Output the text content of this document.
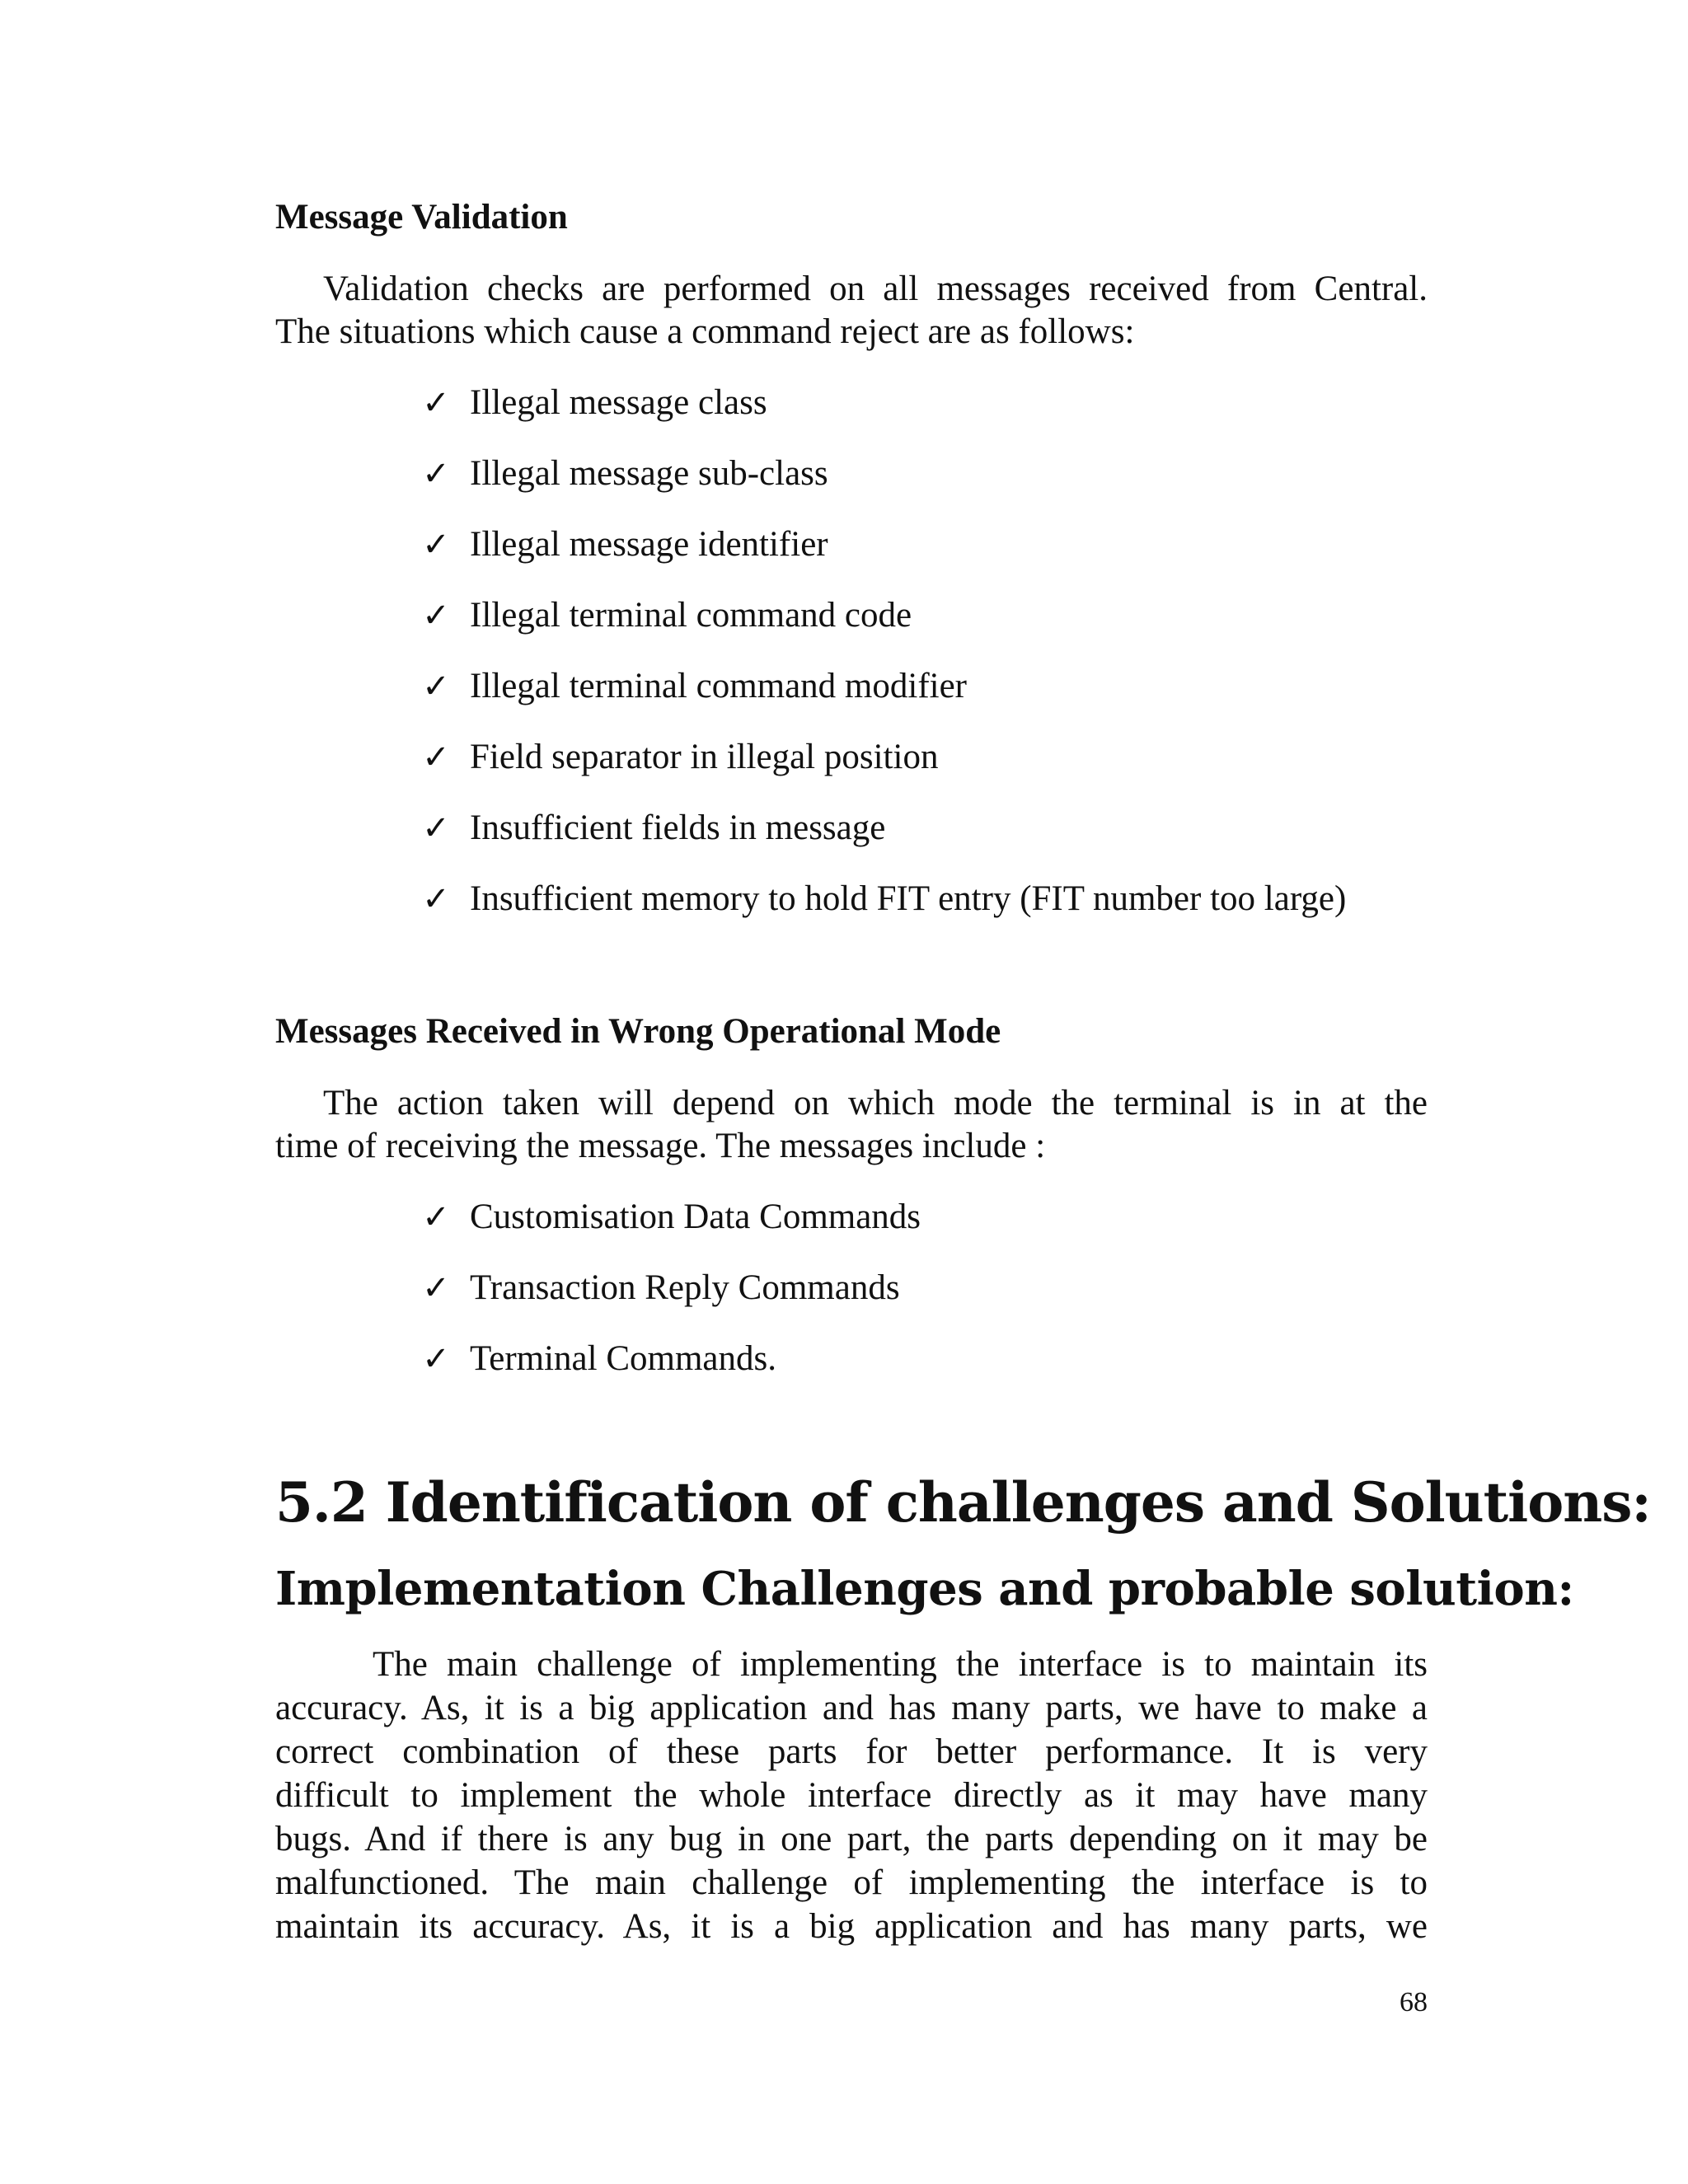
Message Validation
Validation checks are performed on all messages received from Central.
The situations which cause a command reject are as follows:
✓ Illegal message class
✓ Illegal message sub-class
✓ Illegal message identifier
✓ Illegal terminal command code
✓ Illegal terminal command modifier
✓ Field separator in illegal position
✓ Insufficient fields in message
✓ Insufficient memory to hold FIT entry (FIT number too large)
Messages Received in Wrong Operational Mode
The action taken will depend on which mode the terminal is in at the
time of receiving the message. The messages include :
✓ Customisation Data Commands
✓ Transaction Reply Commands
✓ Terminal Commands.
5.2 Identification of challenges and Solutions:
Implementation Challenges and probable solution:
The main challenge of implementing the interface is to maintain its
accuracy. As, it is a big application and has many parts, we have to make a
correct combination of these parts for better performance. It is very
difficult to implement the whole interface directly as it may have many
bugs. And if there is any bug in one part, the parts depending on it may be
malfunctioned. The main challenge of implementing the interface is to
maintain its accuracy. As, it is a big application and has many parts, we
68
